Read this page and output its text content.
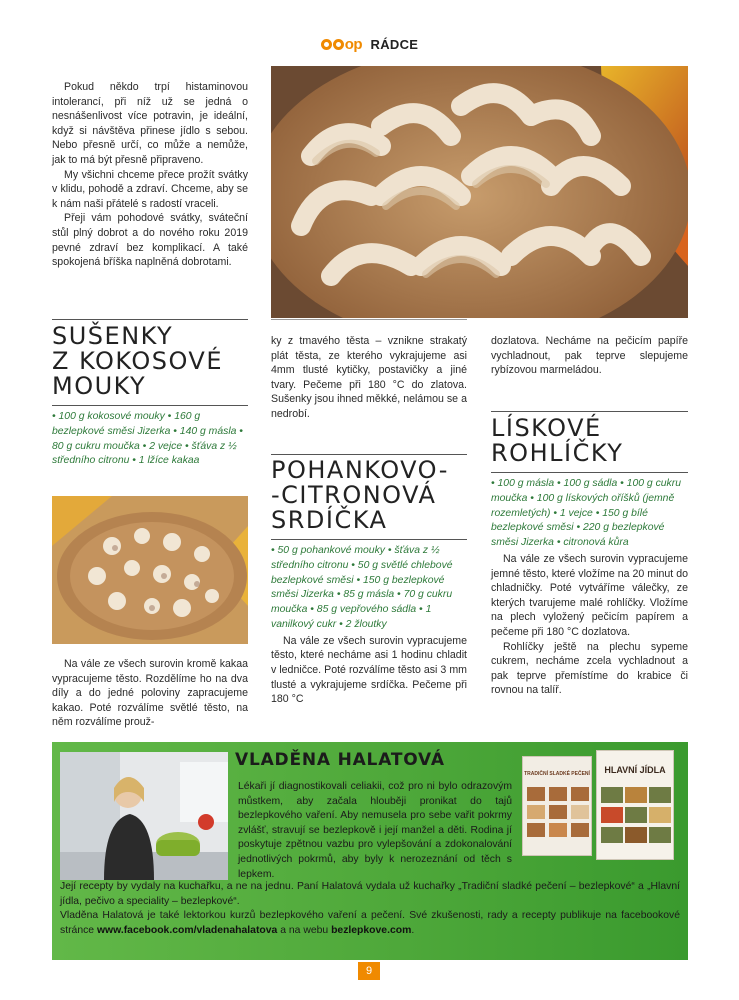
op RÁDCE

Pokud někdo trpí histaminovou intolerancí, při níž už se jedná o nesnášenlivost více potravin, je ideální, když si návštěva přinese jídlo s sebou. Nebo přesně určí, co může a nemůže, jak to má být přesně připraveno.

My všichni chceme přece prožít svátky v klidu, pohodě a zdraví. Chceme, aby se k nám naši přátelé s radostí vraceli.

Přeji vám pohodové svátky, sváteční stůl plný dobrot a do nového roku 2019 pevné zdraví bez komplikací. A také spokojená bříška naplněná dobrotami.

SUŠENKY
Z KOKOSOVÉ
MOUKY

• 100 g kokosové mouky • 160 g bezlepkové směsi Jizerka • 140 g másla • 80 g cukru moučka • 2 vejce • šťáva z ½ středního citronu • 1 lžíce kakaa

Na vále ze všech surovin kromě kakaa vypracujeme těsto. Rozdělíme ho na dva díly a do jedné poloviny zapracujeme kakao. Poté rozválíme světlé těsto, na něm rozválíme prouž-

ky z tmavého těsta – vznikne strakatý plát těsta, ze kterého vykrajujeme asi 4mm tlusté kytičky, postavičky a jiné tvary. Pečeme při 180 °C do zlatova. Sušenky jsou ihned měkké, nelámou se a nedrobí.

POHANKOVO-
-CITRONOVÁ
SRDÍČKA

• 50 g pohankové mouky • šťáva z ½ středního citronu • 50 g světlé chlebové bezlepkové směsi • 150 g bezlepkové směsi Jizerka • 85 g másla • 70 g cukru moučka • 85 g vepřového sádla • 1 vanilkový cukr • 2 žloutky

Na vále ze všech surovin vypracujeme těsto, které necháme asi 1 hodinu chladit v ledničce. Poté rozválíme těsto asi 3 mm tlusté a vykrajujeme srdíčka. Pečeme při 180 °C

dozlatova. Necháme na pečicím papíře vychladnout, pak teprve slepujeme rybízovou marmeládou.

LÍSKOVÉ
ROHLÍČKY

• 100 g másla • 100 g sádla • 100 g cukru moučka • 100 g lískových oříšků (jemně rozemletých) • 1 vejce • 150 g bílé bezlepkové směsi • 220 g bezlepkové směsi Jizerka • citronová kůra

Na vále ze všech surovin vypracujeme jemné těsto, které vložíme na 20 minut do chladničky. Poté vytváříme válečky, ze kterých tvarujeme malé rohlíčky. Vložíme na plech vyložený pečicím papírem a pečeme při 180 °C dozlatova.

Rohlíčky ještě na plechu sypeme cukrem, necháme zcela vychladnout a pak teprve přemístíme do krabice či rovnou na talíř.

VLADĚNA HALATOVÁ
TRADIČNÍ SLADKÉ PEČENÍ	HLAVNÍ JÍDLA

Lékaři jí diagnostikovali celiakii, což pro ni bylo odrazovým můstkem, aby začala hlouběji pronikat do tajů bezlepkového vaření. Aby nemusela pro sebe vařit pokrmy zvlášť, stravují se bezlepkově i její manžel a děti. Rodina jí poskytuje zpětnou vazbu pro vylepšování a zdokonalování jednotlivých pokrmů, aby byly k nerozeznání od těch s lepkem.

Její recepty by vydaly na kuchařku, a ne na jednu. Paní Halatová vydala už kuchařky „Tradiční sladké pečení – bezlepkové“ a „Hlavní jídla, pečivo a speciality – bezlepkové“.
Vladěna Halatová je také lektorkou kurzů bezlepkového vaření a pečení. Své zkušenosti, rady a recepty publikuje na facebookové stránce www.facebook.com/vladenahalatova a na webu bezlepkove.com.

9
